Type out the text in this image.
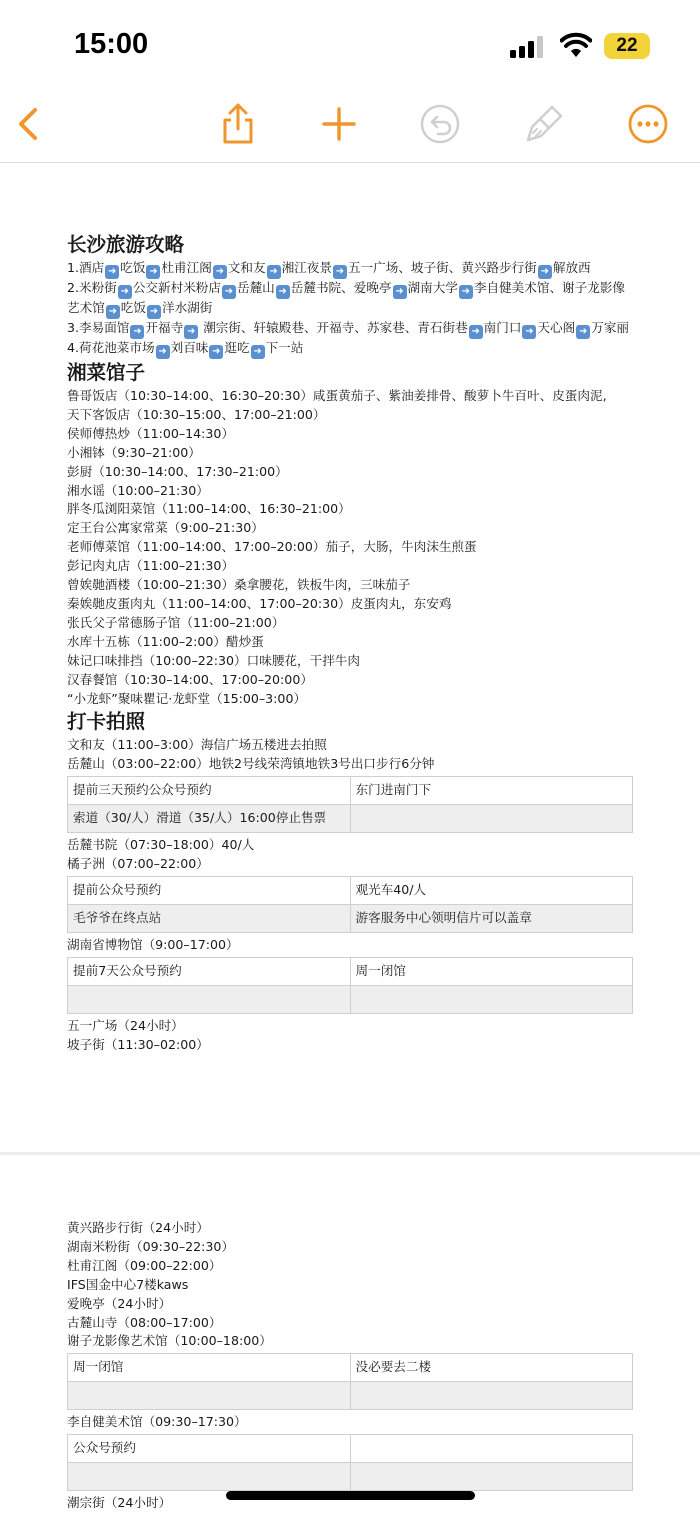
15:00	22
长沙旅游攻略
1.酒店 ➜ 吃饭 ➜ 杜甫江阁 ➜ 文和友 ➜ 湘江夜景 ➜ 五一广场、坡子街、黄兴路步行街 ➜ 解放西
2.米粉街 ➜ 公交新村米粉店 ➜ 岳麓山 ➜ 岳麓书院、爱晚亭 ➜ 湖南大学 ➜ 李自健美术馆、谢子龙影像艺术馆 ➜ 吃饭 ➜ 洋水湖街
3.李易面馆 ➜ 开福寺 ➜ 潮宗街、轩辕殿巷、开福寺、苏家巷、青石街巷 ➜ 南门口 ➜ 天心阁 ➜ 万家丽
4.荷花池菜市场 ➜ 刘百味 ➜ 逛吃 ➜ 下一站
湘菜馆子
鲁哥饭店（10:30–14:00、16:30–20:30）咸蛋黄茄子、紫油姜排骨、酸萝卜牛百叶、皮蛋肉泥,
天下客饭店（10:30–15:00、17:00–21:00）
侯师傅热炒（11:00–14:30）
小湘钵（9:30–21:00）
彭厨（10:30–14:00、17:30–21:00）
湘水谣（10:00–21:30）
胖冬瓜浏阳菜馆（11:00–14:00、16:30–21:00）
定王台公寓家常菜（9:00–21:30）
老师傅菜馆（11:00–14:00、17:00–20:00）茄子，大肠，牛肉沫生煎蛋
彭记肉丸店（11:00–21:30）
曾娭毑酒楼（10:00–21:30）桑拿腰花，铁板牛肉，三味茄子
秦娭毑皮蛋肉丸（11:00–14:00、17:00–20:30）皮蛋肉丸，东安鸡
张氏父子常德肠子馆（11:00–21:00）
水库十五栋（11:00–2:00）醋炒蛋
妹记口味排挡（10:00–22:30）口味腰花，干拌牛肉
汉春餐馆（10:30–14:00、17:00–20:00）
“小龙虾”聚味瞿记·龙虾堂（15:00–3:00）
打卡拍照
文和友（11:00–3:00）海信广场五楼进去拍照
岳麓山（03:00–22:00）地铁2号线荣湾镇地铁3号出口步行6分钟
提前三天预约公众号预约	东门进南门下
索道（30/人）滑道（35/人）16:00停止售票	
岳麓书院（07:30–18:00）40/人
橘子洲（07:00–22:00）
提前公众号预约	观光车40/人
毛爷爷在终点站	游客服务中心领明信片可以盖章
湖南省博物馆（9:00–17:00）
提前7天公众号预约	周一闭馆

五一广场（24小时）
坡子街（11:30–02:00）
黄兴路步行街（24小时）
湖南米粉街（09:30–22:30）
杜甫江阁（09:00–22:00）
IFS国金中心7楼kaws
爱晚亭（24小时）
古麓山寺（08:00–17:00）
谢子龙影像艺术馆（10:00–18:00）
周一闭馆	没必要去二楼

李自健美术馆（09:30–17:30）
公众号预约	

潮宗街（24小时）
